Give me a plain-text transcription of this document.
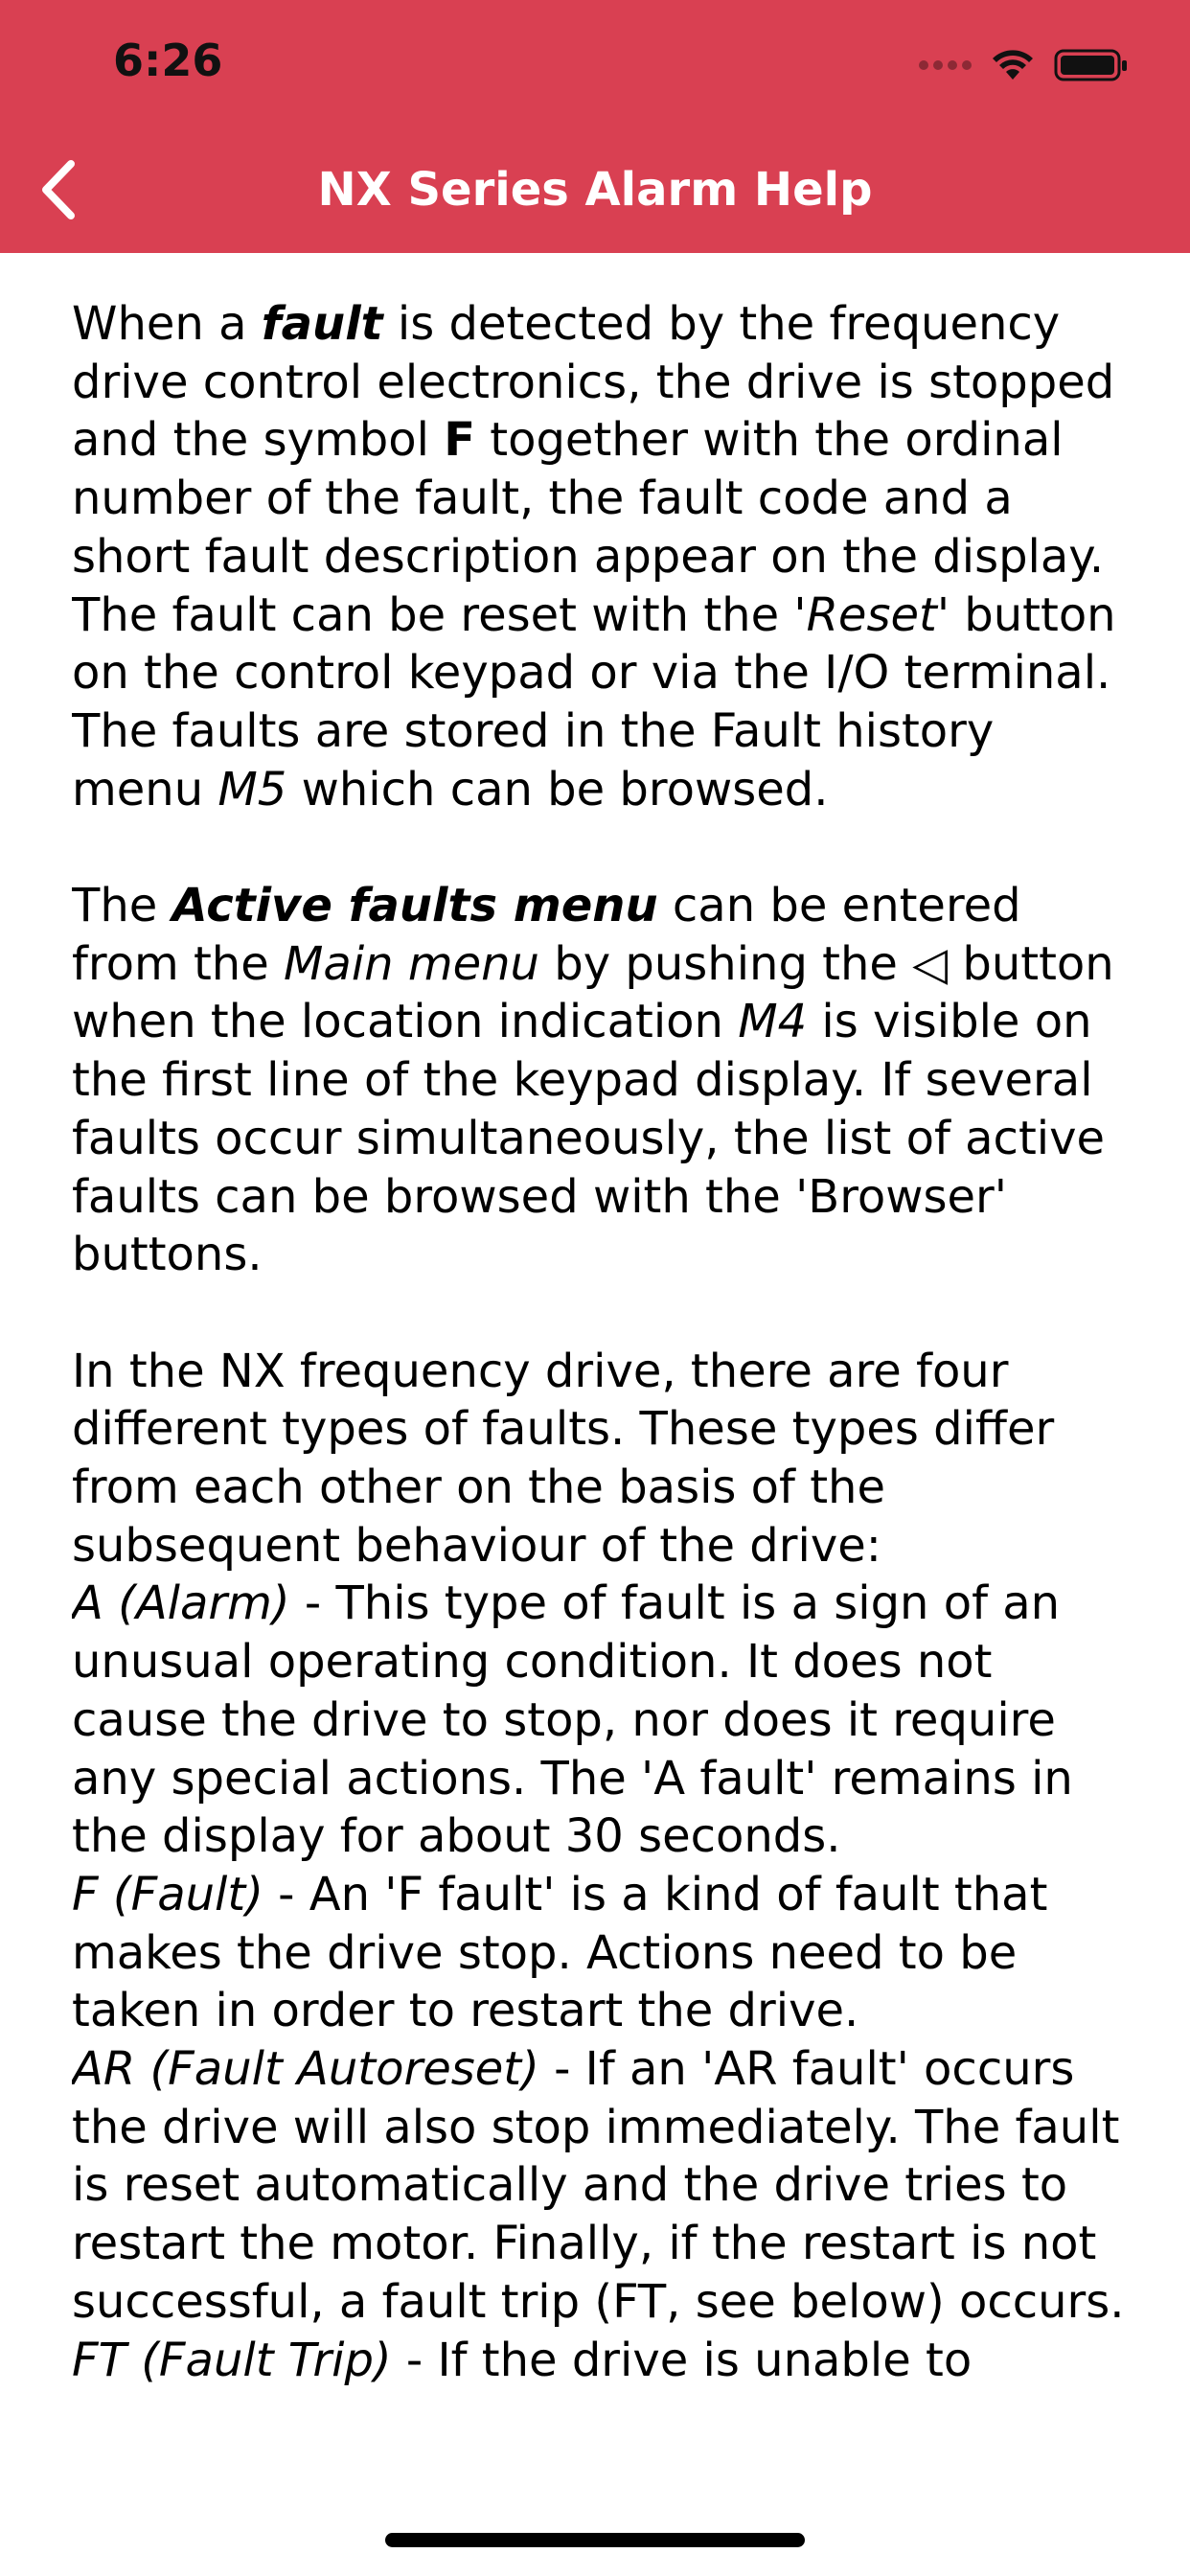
6:26
NX Series Alarm Help

When a fault is detected by the frequency drive control electronics, the drive is stopped and the symbol F together with the ordinal number of the fault, the fault code and a short fault description appear on the display. The fault can be reset with the 'Reset' button on the control keypad or via the I/O terminal. The faults are stored in the Fault history menu M5 which can be browsed.

The Active faults menu can be entered from the Main menu by pushing the ◁ button when the location indication M4 is visible on the first line of the keypad display. If several faults occur simultaneously, the list of active faults can be browsed with the 'Browser' buttons.

In the NX frequency drive, there are four different types of faults. These types differ from each other on the basis of the subsequent behaviour of the drive:
A (Alarm) - This type of fault is a sign of an unusual operating condition. It does not cause the drive to stop, nor does it require any special actions. The 'A fault' remains in the display for about 30 seconds.
F (Fault) - An 'F fault' is a kind of fault that makes the drive stop. Actions need to be taken in order to restart the drive.
AR (Fault Autoreset) - If an 'AR fault' occurs the drive will also stop immediately. The fault is reset automatically and the drive tries to restart the motor. Finally, if the restart is not successful, a fault trip (FT, see below) occurs.
FT (Fault Trip) - If the drive is unable to
